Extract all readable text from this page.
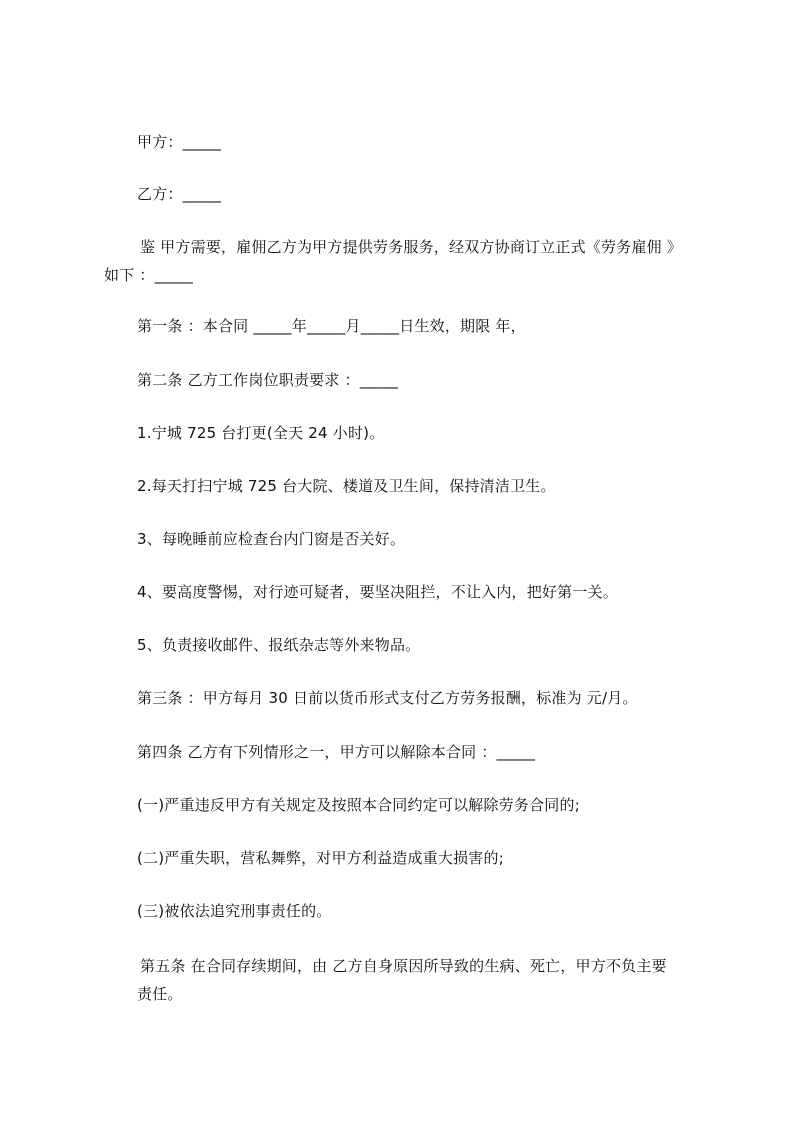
甲方：_____
乙方：_____
鉴 甲方需要，雇佣乙方为甲方提供劳务服务，经双方协商订立正式《劳务雇佣 》
如下 ：_____
第一条 ：本合同 _____年_____月_____日生效，期限 年，
第二条 乙方工作岗位职责要求 ：_____
1.宁城 725 台打更(全天 24 小时)。
2.每天打扫宁城 725 台大院、楼道及卫生间，保持清洁卫生。
3、每晚睡前应检查台内门窗是否关好。
4、要高度警惕，对行迹可疑者，要坚决阻拦，不让入内，把好第一关。
5、负责接收邮件、报纸杂志等外来物品。
第三条 ：甲方每月 30 日前以货币形式支付乙方劳务报酬，标准为 元/月。
第四条 乙方有下列情形之一，甲方可以解除本合同 ：_____
(一)严重违反甲方有关规定及按照本合同约定可以解除劳务合同的;
(二)严重失职，营私舞弊，对甲方利益造成重大损害的;
(三)被依法追究刑事责任的。
第五条 在合同存续期间，由 乙方自身原因所导致的生病、死亡，甲方不负主要
责任。
